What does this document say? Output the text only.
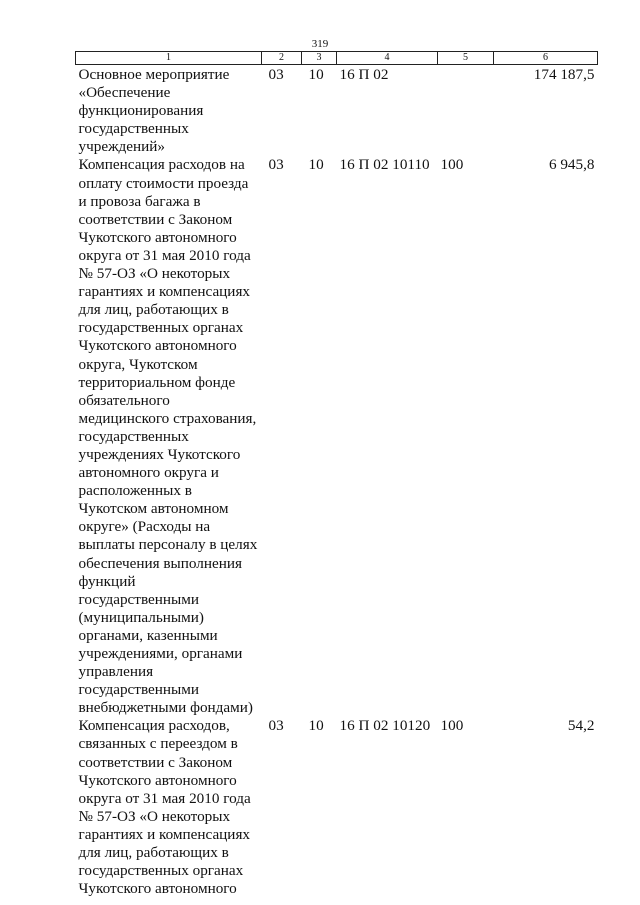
319
1	2	3	4	5	6
Основное мероприятие «Обеспечение функционирования государственных учреждений»	03	10	16 П 02		174 187,5
Компенсация расходов на оплату стоимости проезда и провоза багажа в соответствии с Законом Чукотского автономного округа от 31 мая 2010 года № 57-ОЗ «О некоторых гарантиях и компенсациях для лиц, работающих в государственных органах Чукотского автономного округа, Чукотском территориальном фонде обязательного медицинского страхования, государственных учреждениях Чукотского автономного округа и расположенных в Чукотском автономном округе» (Расходы на выплаты персоналу в целях обеспечения выполнения функций государственными (муниципальными) органами, казенными учреждениями, органами управления государственными внебюджетными фондами)	03	10	16 П 02 10110	100	6 945,8
Компенсация расходов, связанных с переездом в соответствии с Законом Чукотского автономного округа от 31 мая 2010 года № 57-ОЗ «О некоторых гарантиях и компенсациях для лиц, работающих в государственных органах Чукотского автономного	03	10	16 П 02 10120	100	54,2
